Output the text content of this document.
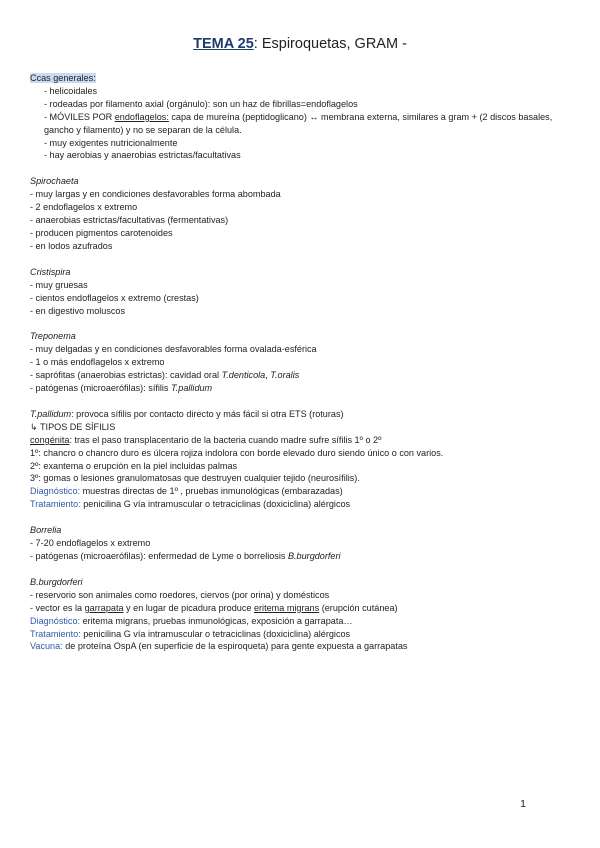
TEMA 25: Espiroquetas, GRAM -

Ccas generales:

- helicoidales

- rodeadas por filamento axial (orgánulo): son un haz de fibrillas=endoflagelos

- MÓVILES POR endoflagelos: capa de mureína (peptidoglicano) ↔ membrana externa, similares a gram + (2 discos basales, gancho y filamento) y no se separan de la célula.

- muy exigentes nutricionalmente

- hay aerobias y anaerobias estrictas/facultativas

Spirochaeta

- muy largas y en condiciones desfavorables forma abombada

- 2 endoflagelos x extremo

- anaerobias estrictas/facultativas (fermentativas)

- producen pigmentos carotenoides

- en lodos azufrados

Cristispira

- muy gruesas

- cientos endoflagelos x extremo (crestas)

- en digestivo moluscos

Treponema

- muy delgadas y en condiciones desfavorables forma ovalada-esférica

- 1 o más endoflagelos x extremo

- saprófitas (anaerobias estrictas): cavidad oral T.denticola, T.oralis

- patógenas (microaerófilas): sífilis T.pallidum

T.pallidum: provoca sífilis por contacto directo y más fácil si otra ETS (roturas)

↳ TIPOS DE SÍFILIS

congénita: tras el paso transplacentario de la bacteria cuando madre sufre sífilis 1º o 2º

1º: chancro o chancro duro es úlcera rojiza indolora con borde elevado duro siendo único o con varios.

2º: exantema o erupción en la piel incluidas palmas

3º: gomas o lesiones granulomatosas que destruyen cualquier tejido (neurosífilis).

Diagnóstico: muestras directas de 1º , pruebas inmunológicas (embarazadas)

Tratamiento: penicilina G vía intramuscular o tetraciclinas (doxiciclina) alérgicos

Borrelia

- 7-20 endoflagelos x extremo

- patógenas (microaerófilas): enfermedad de Lyme o borreliosis B.burgdorferi

B.burgdorferi

- reservorio son animales como roedores, ciervos (por orina) y domésticos

- vector es la garrapata y en lugar de picadura produce eritema migrans (erupción cutánea)

Diagnóstico: eritema migrans, pruebas inmunológicas, exposición a garrapata…

Tratamiento: penicilina G vía intramuscular o tetraciclinas (doxiciclina) alérgicos

Vacuna: de proteína OspA (en superficie de la espiroqueta) para gente expuesta a garrapatas

1
